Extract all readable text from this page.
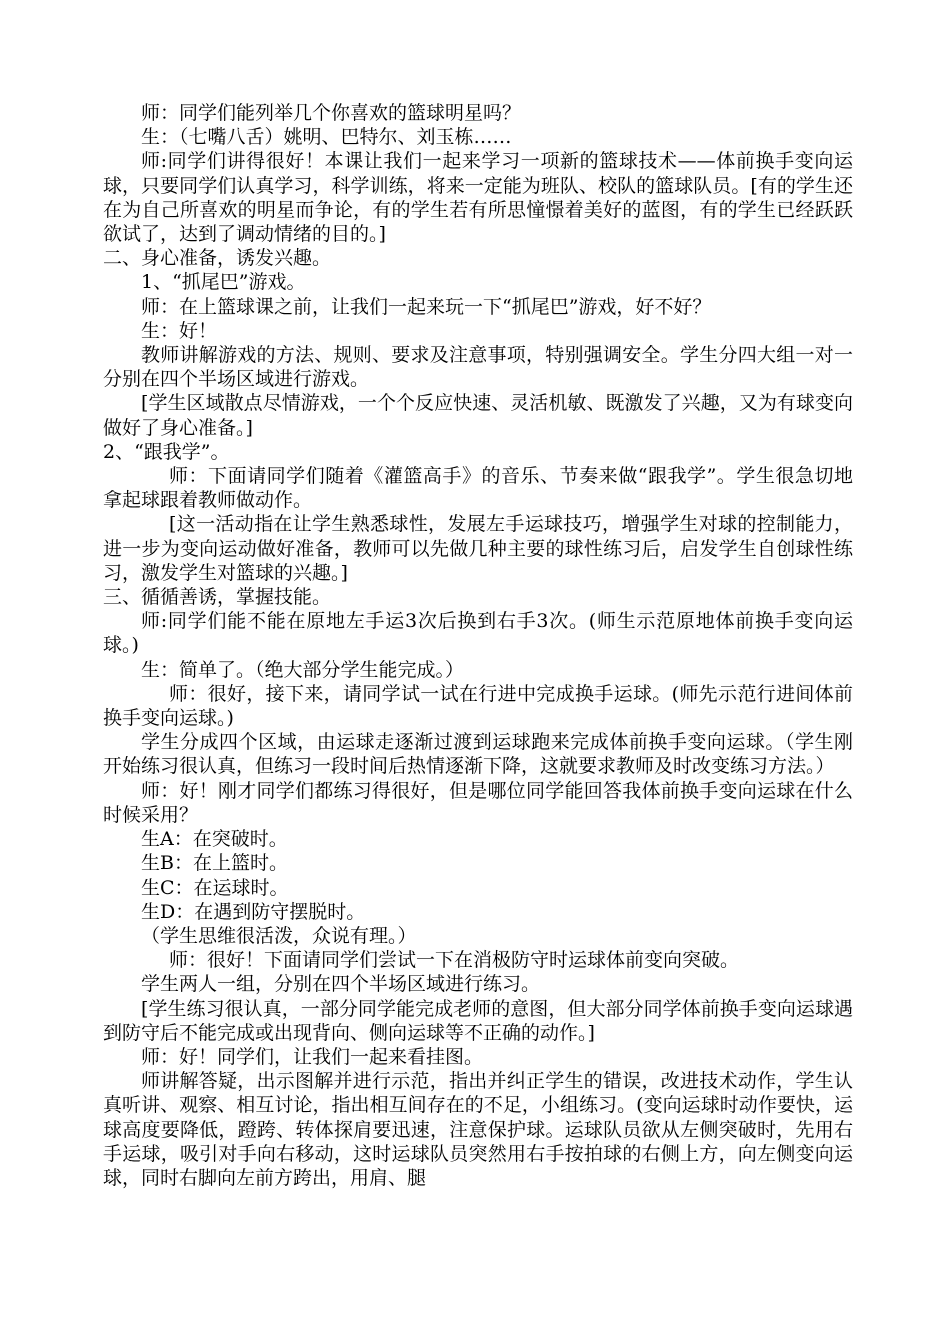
师：同学们能列举几个你喜欢的篮球明星吗？

生：（七嘴八舌）姚明、巴特尔、刘玉栋……

师:同学们讲得很好！本课让我们一起来学习一项新的篮球技术——体前换手变向运球，只要同学们认真学习，科学训练，将来一定能为班队、校队的篮球队员。[有的学生还在为自己所喜欢的明星而争论，有的学生若有所思憧憬着美好的蓝图，有的学生已经跃跃欲试了，达到了调动情绪的目的。]

二、身心准备，诱发兴趣。

1、“抓尾巴”游戏。

师：在上篮球课之前，让我们一起来玩一下“抓尾巴”游戏，好不好？

生：好！

教师讲解游戏的方法、规则、要求及注意事项，特别强调安全。学生分四大组一对一分别在四个半场区域进行游戏。

[学生区域散点尽情游戏，一个个反应快速、灵活机敏、既激发了兴趣，又为有球变向做好了身心准备。]

2、“跟我学”。

师：下面请同学们随着《灌篮高手》的音乐、节奏来做“跟我学”。学生很急切地拿起球跟着教师做动作。

[这一活动指在让学生熟悉球性，发展左手运球技巧，增强学生对球的控制能力，进一步为变向运动做好准备，教师可以先做几种主要的球性练习后，启发学生自创球性练习，激发学生对篮球的兴趣。]

三、循循善诱，掌握技能。

师:同学们能不能在原地左手运3次后换到右手3次。(师生示范原地体前换手变向运球。)

生：简单了。（绝大部分学生能完成。）

师：很好，接下来，请同学试一试在行进中完成换手运球。(师先示范行进间体前换手变向运球。)

学生分成四个区域，由运球走逐渐过渡到运球跑来完成体前换手变向运球。（学生刚开始练习很认真，但练习一段时间后热情逐渐下降，这就要求教师及时改变练习方法。）

师：好！刚才同学们都练习得很好，但是哪位同学能回答我体前换手变向运球在什么时候采用？

生A：在突破时。

生B：在上篮时。

生C：在运球时。

生D：在遇到防守摆脱时。

（学生思维很活泼，众说有理。）

师：很好！下面请同学们尝试一下在消极防守时运球体前变向突破。

学生两人一组，分别在四个半场区域进行练习。

[学生练习很认真，一部分同学能完成老师的意图，但大部分同学体前换手变向运球遇到防守后不能完成或出现背向、侧向运球等不正确的动作。]

师：好！同学们，让我们一起来看挂图。

师讲解答疑，出示图解并进行示范，指出并纠正学生的错误，改进技术动作，学生认真听讲、观察、相互讨论，指出相互间存在的不足，小组练习。(变向运球时动作要快，运球高度要降低，蹬跨、转体探肩要迅速，注意保护球。运球队员欲从左侧突破时，先用右手运球，吸引对手向右移动，这时运球队员突然用右手按拍球的右侧上方，向左侧变向运球，同时右脚向左前方跨出，用肩、腿
